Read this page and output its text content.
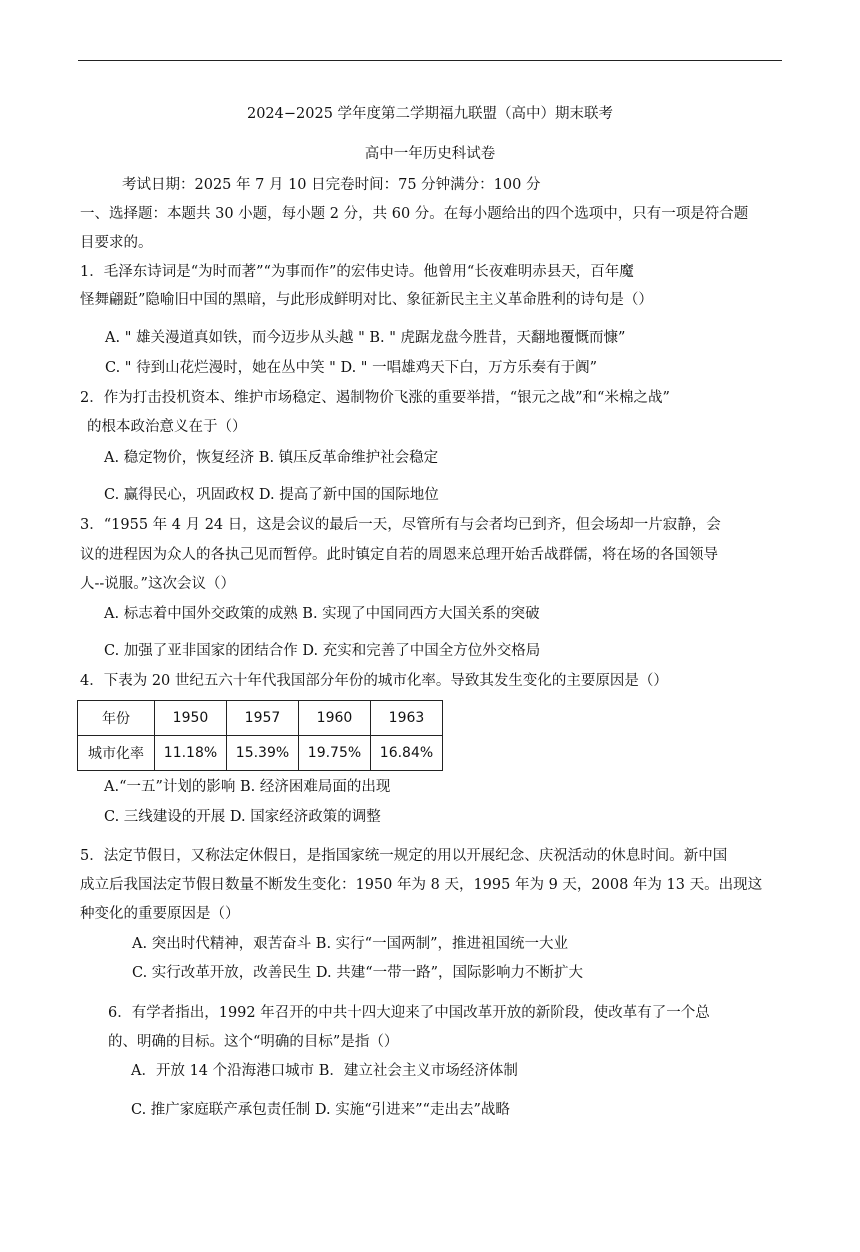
2024−2025 学年度第二学期福九联盟（高中）期末联考
高中一年历史科试卷
考试日期：2025 年 7 月 10 日完卷时间：75 分钟满分：100 分
一、选择题：本题共 30 小题，每小题 2 分，共 60 分。在每小题给出的四个选项中，只有一项是符合题
目要求的。
1．毛泽东诗词是“为时而著”“为事而作”的宏伟史诗。他曾用“长夜难明赤县天，百年魔
怪舞翩跹”隐喻旧中国的黑暗，与此形成鲜明对比、象征新民主主义革命胜利的诗句是（）
A. " 雄关漫道真如铁，而今迈步从头越 " B. " 虎踞龙盘今胜昔，天翻地覆慨而慷”
C. " 待到山花烂漫时，她在丛中笑 " D. " 一唱雄鸡天下白，万方乐奏有于阗”
2．作为打击投机资本、维护市场稳定、遏制物价飞涨的重要举措，“银元之战”和“米棉之战”
的根本政治意义在于（）
A. 稳定物价，恢复经济 B. 镇压反革命维护社会稳定
C. 赢得民心，巩固政权 D. 提高了新中国的国际地位
3．“1955 年 4 月 24 日，这是会议的最后一天，尽管所有与会者均已到齐，但会场却一片寂静，会
议的进程因为众人的各执己见而暂停。此时镇定自若的周恩来总理开始舌战群儒，将在场的各国领导
人--说服。”这次会议（）
A. 标志着中国外交政策的成熟 B. 实现了中国同西方大国关系的突破
C. 加强了亚非国家的团结合作 D. 充实和完善了中国全方位外交格局
4．下表为 20 世纪五六十年代我国部分年份的城市化率。导致其发生变化的主要原因是（）
年份	1950	1957	1960	1963
城市化率	11.18%	15.39%	19.75%	16.84%
A.“一五”计划的影响 B. 经济困难局面的出现
C. 三线建设的开展 D. 国家经济政策的调整
5．法定节假日，又称法定休假日，是指国家统一规定的用以开展纪念、庆祝活动的休息时间。新中国
成立后我国法定节假日数量不断发生变化：1950 年为 8 天，1995 年为 9 天，2008 年为 13 天。出现这
种变化的重要原因是（）
A. 突出时代精神，艰苦奋斗 B. 实行“一国两制”，推进祖国统一大业
C. 实行改革开放，改善民生 D. 共建“一带一路”，国际影响力不断扩大
6．有学者指出，1992 年召开的中共十四大迎来了中国改革开放的新阶段，使改革有了一个总
的、明确的目标。这个“明确的目标”是指（）
A．开放 14 个沿海港口城市 B．建立社会主义市场经济体制
C. 推广家庭联产承包责任制 D. 实施“引进来”“走出去”战略
